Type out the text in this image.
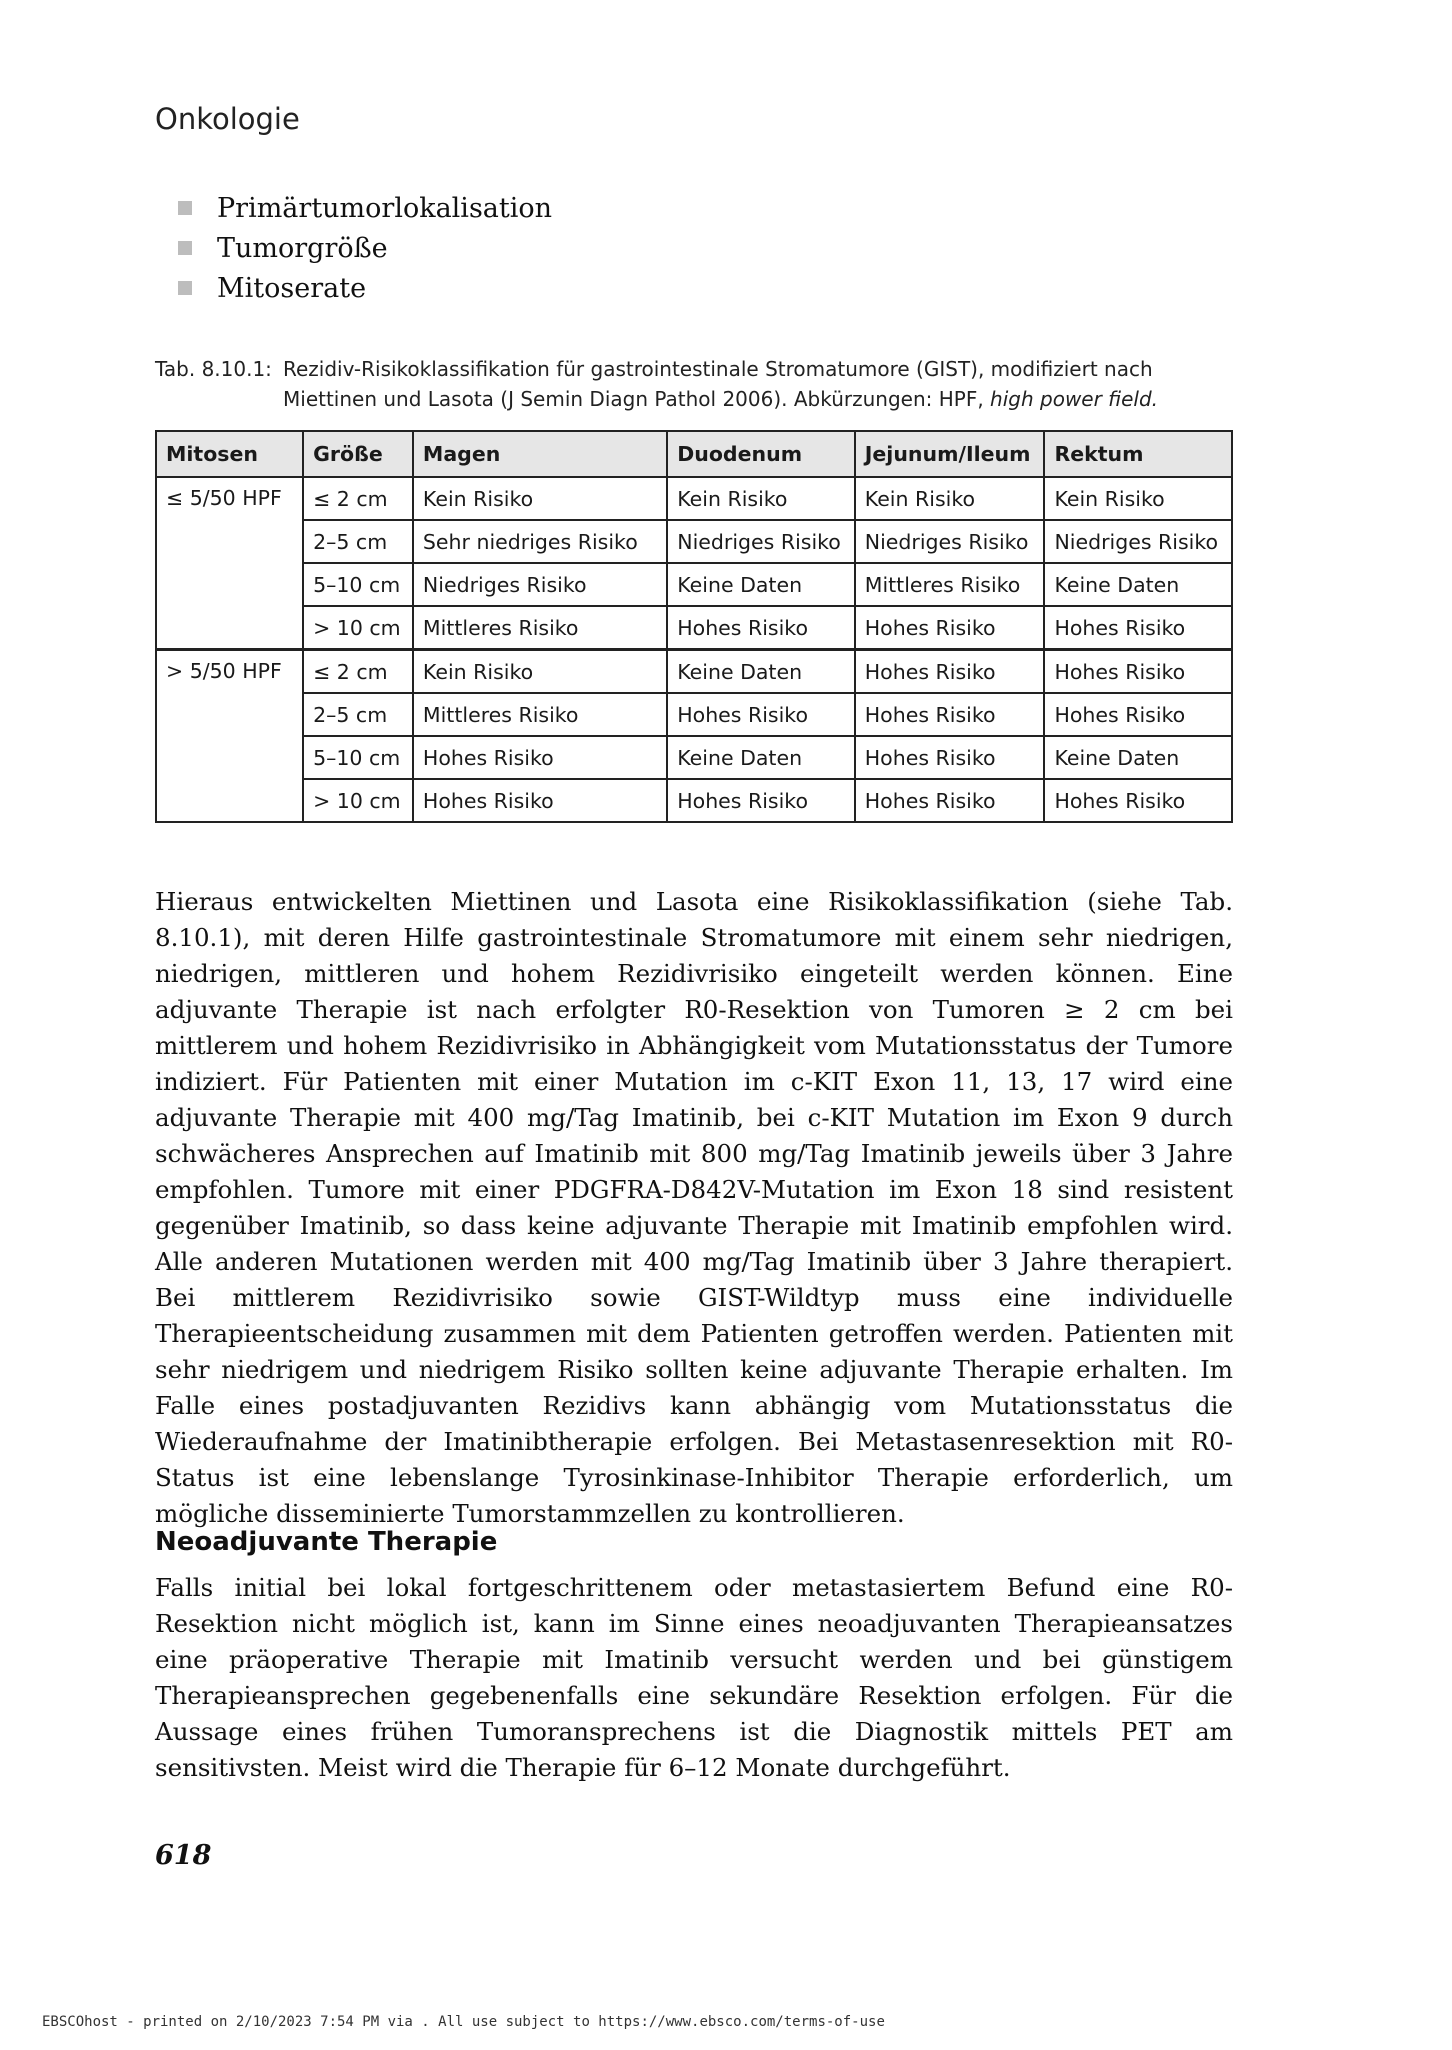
Onkologie
Primärtumorlokalisation
Tumorgröße
Mitoserate
Tab. 8.10.1: Rezidiv-Risikoklassifikation für gastrointestinale Stromatumore (GIST), modifiziert nach
Miettinen und Lasota (J Semin Diagn Pathol 2006). Abkürzungen: HPF, high power field.
Mitosen	Größe	Magen	Duodenum	Jejunum/Ileum	Rektum
≤ 5/50 HPF	≤ 2 cm	Kein Risiko	Kein Risiko	Kein Risiko	Kein Risiko
	2–5 cm	Sehr niedriges Risiko	Niedriges Risiko	Niedriges Risiko	Niedriges Risiko
	5–10 cm	Niedriges Risiko	Keine Daten	Mittleres Risiko	Keine Daten
	> 10 cm	Mittleres Risiko	Hohes Risiko	Hohes Risiko	Hohes Risiko
> 5/50 HPF	≤ 2 cm	Kein Risiko	Keine Daten	Hohes Risiko	Hohes Risiko
	2–5 cm	Mittleres Risiko	Hohes Risiko	Hohes Risiko	Hohes Risiko
	5–10 cm	Hohes Risiko	Keine Daten	Hohes Risiko	Keine Daten
	> 10 cm	Hohes Risiko	Hohes Risiko	Hohes Risiko	Hohes Risiko

Hieraus entwickelten Miettinen und Lasota eine Risikoklassifikation (siehe Tab. 8.10.1), mit deren Hilfe gastrointestinale Stromatumore mit einem sehr niedrigen, niedrigen, mittleren und hohem Rezidivrisiko eingeteilt werden können. Eine adjuvante Therapie ist nach erfolgter R0-Resektion von Tumoren ≥ 2 cm bei mittlerem und hohem Rezidivrisiko in Abhängigkeit vom Mutationsstatus der Tumore indiziert. Für Patienten mit einer Mutation im c-KIT Exon 11, 13, 17 wird eine adjuvante Therapie mit 400 mg/Tag Imatinib, bei c-KIT Mutation im Exon 9 durch schwächeres Ansprechen auf Imatinib mit 800 mg/Tag Imatinib jeweils über 3 Jahre empfohlen. Tumore mit einer PDGFRA-D842V-Mutation im Exon 18 sind resistent gegenüber Imatinib, so dass keine adjuvante Therapie mit Imatinib empfohlen wird. Alle anderen Mutationen werden mit 400 mg/Tag Imatinib über 3 Jahre therapiert. Bei mittlerem Rezidivrisiko sowie GIST-Wildtyp muss eine individuelle Therapieentscheidung zusammen mit dem Patienten getroffen werden. Patienten mit sehr niedrigem und niedrigem Risiko sollten keine adjuvante Therapie erhalten. Im Falle eines postadjuvanten Rezidivs kann abhängig vom Mutationsstatus die Wiederaufnahme der Imatinibtherapie erfolgen. Bei Metastasenresektion mit R0-Status ist eine lebenslange Tyrosinkinase-Inhibitor Therapie erforderlich, um mögliche disseminierte Tumorstammzellen zu kontrollieren.

Neoadjuvante Therapie

Falls initial bei lokal fortgeschrittenem oder metastasiertem Befund eine R0-Resektion nicht möglich ist, kann im Sinne eines neoadjuvanten Therapieansatzes eine präoperative Therapie mit Imatinib versucht werden und bei günstigem Therapieansprechen gegebenenfalls eine sekundäre Resektion erfolgen. Für die Aussage eines frühen Tumoransprechens ist die Diagnostik mittels PET am sensitivsten. Meist wird die Therapie für 6–12 Monate durchgeführt.

618
EBSCOhost - printed on 2/10/2023 7:54 PM via . All use subject to https://www.ebsco.com/terms-of-use
